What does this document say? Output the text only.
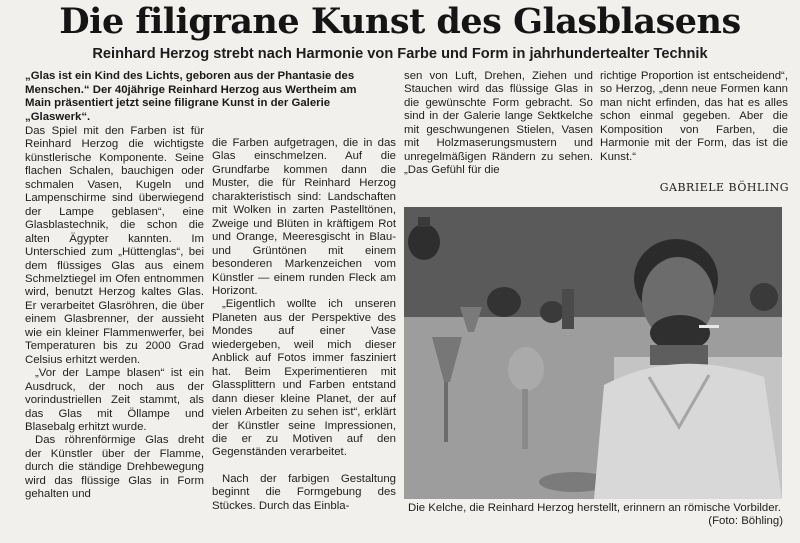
Die filigrane Kunst des Glasblasens
Reinhard Herzog strebt nach Harmonie von Farbe und Form in jahrhundertealter Technik
„Glas ist ein Kind des Lichts, geboren aus der Phantasie des
Menschen.“ Der 40jährige Reinhard Herzog aus Wertheim am
Main präsentiert jetzt seine filigrane Kunst in der Galerie
„Glaswerk“.

Das Spiel mit den Farben ist für Reinhard Herzog die wichtigste künstlerische Komponente. Seine flachen Schalen, bauchigen oder schmalen Vasen, Kugeln und Lampenschirme sind überwiegend der Lampe geblasen“, eine Glasblastechnik, die schon die alten Ägypter kannten. Im Unterschied zum „Hüttenglas“, bei dem flüssiges Glas aus einem Schmelztiegel im Ofen entnommen wird, benutzt Herzog kaltes Glas. Er verarbeitet Glasröhren, die über einem Glasbrenner, der aussieht wie ein kleiner Flammenwerfer, bei Temperaturen bis zu 2000 Grad Celsius erhitzt werden.

„Vor der Lampe blasen“ ist ein Ausdruck, der noch aus der vorindustriellen Zeit stammt, als das Glas mit Öllampe und Blasebalg erhitzt wurde.

Das röhrenförmige Glas dreht der Künstler über der Flamme, durch die ständige Drehbewegung wird das flüssige Glas in Form gehalten und

die Farben aufgetragen, die in das Glas einschmelzen. Auf die Grundfarbe kommen dann die Muster, die für Reinhard Herzog charakteristisch sind: Landschaften mit Wolken in zarten Pastelltönen, Zweige und Blüten in kräftigem Rot und Orange, Meeresgischt in Blau- und Grüntönen mit einem besonderen Markenzeichen vom Künstler — einem runden Fleck am Horizont.

„Eigentlich wollte ich unseren Planeten aus der Perspektive des Mondes auf einer Vase wiedergeben, weil mich dieser Anblick auf Fotos immer fasziniert hat. Beim Experimentieren mit Glassplittern und Farben entstand dann dieser kleine Planet, der auf vielen Arbeiten zu sehen ist“, erklärt der Künstler seine Impressionen, die er zu Motiven auf den Gegenständen verarbeitet.

Nach der farbigen Gestaltung beginnt die Formgebung des Stückes. Durch das Einbla-

sen von Luft, Drehen, Ziehen und Stauchen wird das flüssige Glas in die gewünschte Form gebracht. So sind in der Galerie lange Sektkelche mit geschwungenen Stielen, Vasen mit Holzmaserungsmustern und unregelmäßigen Rändern zu sehen. „Das Gefühl für die

richtige Proportion ist entscheidend“, so Herzog, „denn neue Formen kann man nicht erfinden, das hat es alles schon einmal gegeben. Aber die Komposition von Farben, die Harmonie mit der Form, das ist die Kunst.“

GABRIELE BÖHLING
Die Kelche, die Reinhard Herzog herstellt, erinnern an römische Vorbilder.
(Foto: Böhling)
